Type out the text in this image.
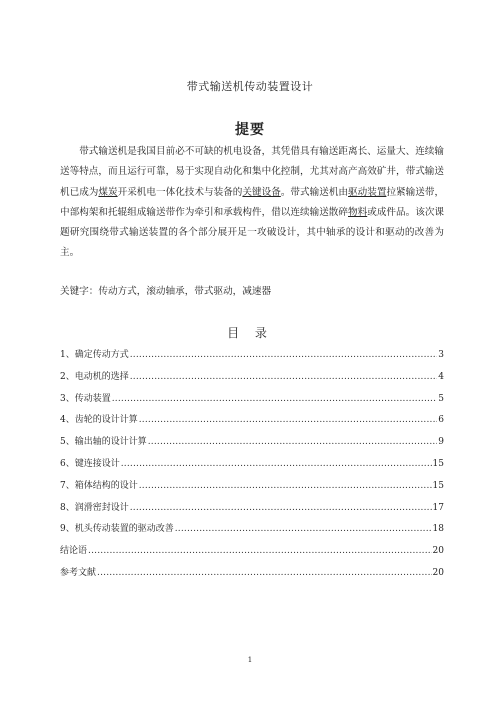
带式输送机传动装置设计
提要

带式输送机是我国目前必不可缺的机电设备，其凭借具有输送距离长、运量大、连续输送等特点，而且运行可靠，易于实现自动化和集中化控制，尤其对高产高效矿井，带式输送机已成为煤炭开采机电一体化技术与装备的关键设备。带式输送机由驱动装置拉紧输送带，中部构架和托辊组成输送带作为牵引和承载构件，借以连续输送散碎物料或成件品。该次课题研究围绕带式输送装置的各个部分展开足一攻破设计，其中轴承的设计和驱动的改善为主。

关键字：传动方式，滚动轴承，带式驱动，减速器
目 录
1、确定传动方式 .....	3
2、电动机的选择 .....	4
3、传动装置 .....	5
4、齿轮的设计计算 .....	6
5、输出轴的设计计算 .....	9
6、键连接设计 .....	15
7、箱体结构的设计 .....	15
8、润滑密封设计 .....	17
9、机头传动装置的驱动改善 .....	18
结论语 .....	20
参考文献 .....	20
1
